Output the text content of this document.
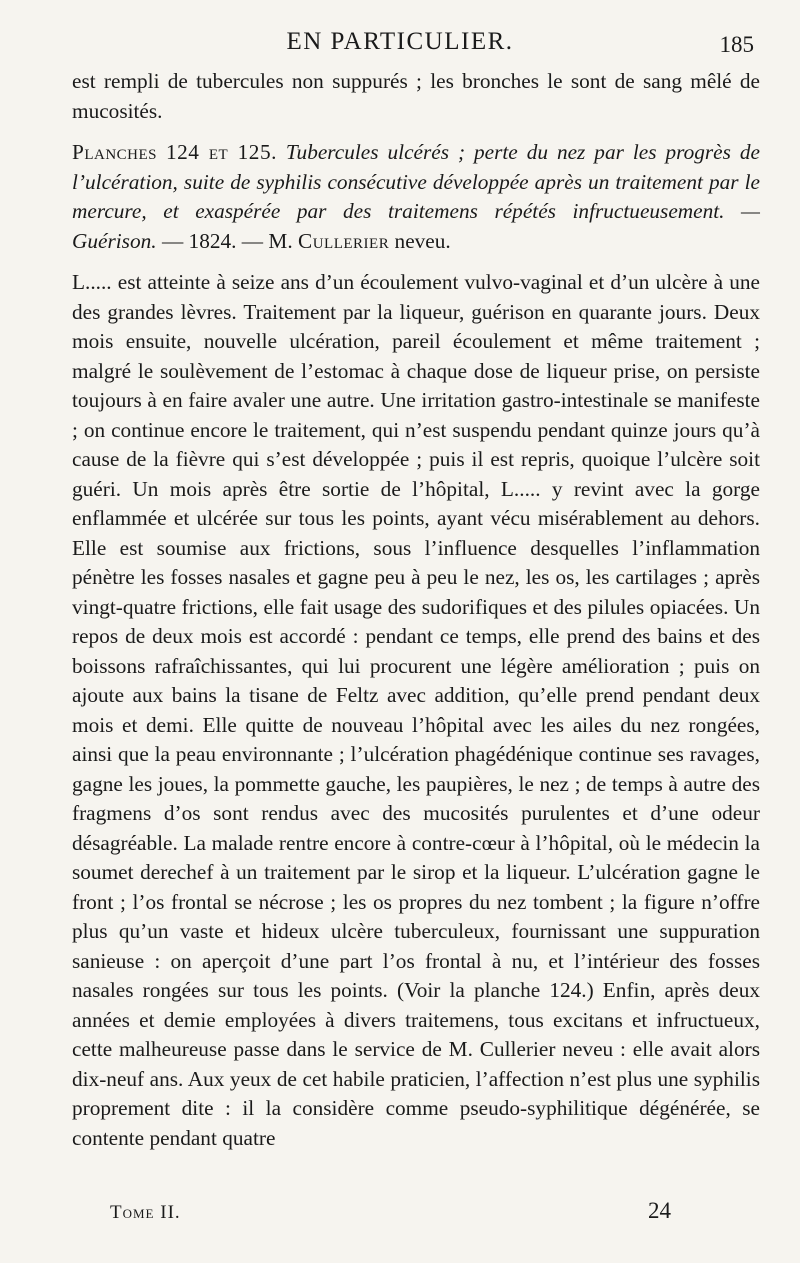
EN PARTICULIER.	185

est rempli de tubercules non suppurés ; les bronches le sont de sang mêlé de mucosités.

Planches 124 et 125. Tubercules ulcérés ; perte du nez par les progrès de l’ulcération, suite de syphilis consécutive développée après un traitement par le mercure, et exaspérée par des traitemens répétés infructueusement. — Guérison. — 1824. — M. Cullerier neveu.

L..... est atteinte à seize ans d’un écoulement vulvo-vaginal et d’un ulcère à une des grandes lèvres. Traitement par la liqueur, guérison en quarante jours. Deux mois ensuite, nouvelle ulcération, pareil écoulement et même traitement ; malgré le soulèvement de l’estomac à chaque dose de liqueur prise, on persiste toujours à en faire avaler une autre. Une irritation gastro-intestinale se manifeste ; on continue encore le traitement, qui n’est suspendu pendant quinze jours qu’à cause de la fièvre qui s’est développée ; puis il est repris, quoique l’ulcère soit guéri. Un mois après être sortie de l’hôpital, L..... y revint avec la gorge enflammée et ulcérée sur tous les points, ayant vécu misérablement au dehors. Elle est soumise aux frictions, sous l’influence desquelles l’inflammation pénètre les fosses nasales et gagne peu à peu le nez, les os, les cartilages ; après vingt-quatre frictions, elle fait usage des sudorifiques et des pilules opiacées. Un repos de deux mois est accordé : pendant ce temps, elle prend des bains et des boissons rafraîchissantes, qui lui procurent une légère amélioration ; puis on ajoute aux bains la tisane de Feltz avec addition, qu’elle prend pendant deux mois et demi. Elle quitte de nouveau l’hôpital avec les ailes du nez rongées, ainsi que la peau environnante ; l’ulcération phagédénique continue ses ravages, gagne les joues, la pommette gauche, les paupières, le nez ; de temps à autre des fragmens d’os sont rendus avec des mucosités purulentes et d’une odeur désagréable. La malade rentre encore à contre-cœur à l’hôpital, où le médecin la soumet derechef à un traitement par le sirop et la liqueur. L’ulcération gagne le front ; l’os frontal se nécrose ; les os propres du nez tombent ; la figure n’offre plus qu’un vaste et hideux ulcère tuberculeux, fournissant une suppuration sanieuse : on aperçoit d’une part l’os frontal à nu, et l’intérieur des fosses nasales rongées sur tous les points. (Voir la planche 124.) Enfin, après deux années et demie employées à divers traitemens, tous excitans et infructueux, cette malheureuse passe dans le service de M. Cullerier neveu : elle avait alors dix-neuf ans. Aux yeux de cet habile praticien, l’affection n’est plus une syphilis proprement dite : il la considère comme pseudo-syphilitique dégénérée, se contente pendant quatre

Tome II.	24
